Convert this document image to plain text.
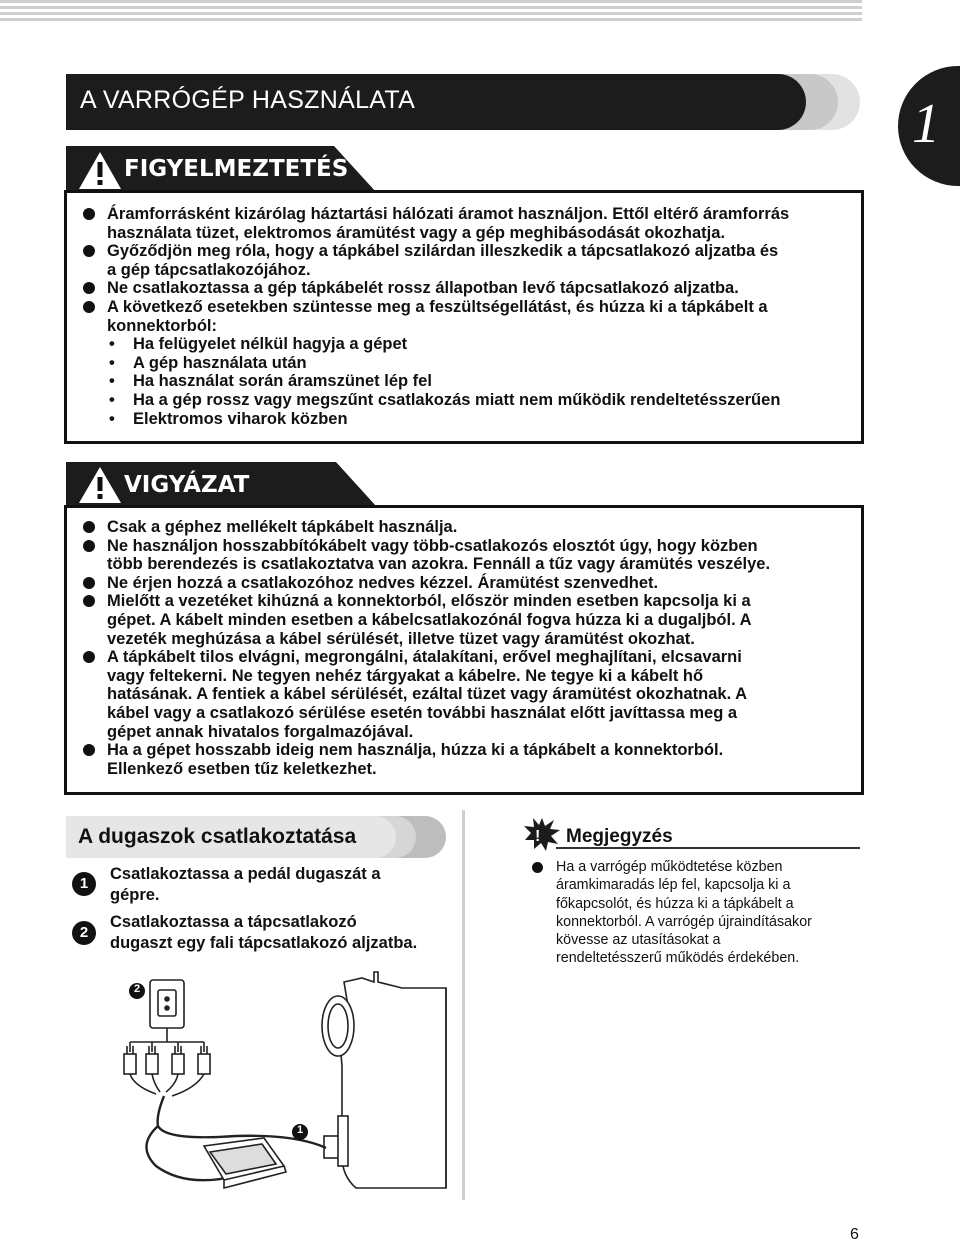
A VARRÓGÉP HASZNÁLATA	1
FIGYELMEZTETÉS
Áramforrásként kizárólag háztartási hálózati áramot használjon. Ettől eltérő áramforrás
használata tüzet, elektromos áramütést vagy a gép meghibásodását okozhatja.
Győződjön meg róla, hogy a tápkábel szilárdan illeszkedik a tápcsatlakozó aljzatba és
a gép tápcsatlakozójához.
Ne csatlakoztassa a gép tápkábelét rossz állapotban levő tápcsatlakozó aljzatba.
A következő esetekben szüntesse meg a feszültségellátást, és húzza ki a tápkábelt a
konnektorból:
• Ha felügyelet nélkül hagyja a gépet
• A gép használata után
• Ha használat során áramszünet lép fel
• Ha a gép rossz vagy megszűnt csatlakozás miatt nem működik rendeltetésszerűen
• Elektromos viharok közben
VIGYÁZAT
Csak a géphez mellékelt tápkábelt használja.
Ne használjon hosszabbítókábelt vagy több-csatlakozós elosztót úgy, hogy közben
több berendezés is csatlakoztatva van azokra. Fennáll a tűz vagy áramütés veszélye.
Ne érjen hozzá a csatlakozóhoz nedves kézzel. Áramütést szenvedhet.
Mielőtt a vezetéket kihúzná a konnektorból, először minden esetben kapcsolja ki a
gépet. A kábelt minden esetben a kábelcsatlakozónál fogva húzza ki a dugaljból. A
vezeték meghúzása a kábel sérülését, illetve tüzet vagy áramütést okozhat.
A tápkábelt tilos elvágni, megrongálni, átalakítani, erővel meghajlítani, elcsavarni
vagy feltekerni. Ne tegyen nehéz tárgyakat a kábelre. Ne tegye ki a kábelt hő
hatásának. A fentiek a kábel sérülését, ezáltal tüzet vagy áramütést okozhatnak. A
kábel vagy a csatlakozó sérülése esetén további használat előtt javíttassa meg a
gépet annak hivatalos forgalmazójával.
Ha a gépet hosszabb ideig nem használja, húzza ki a tápkábelt a konnektorból.
Ellenkező esetben tűz keletkezhet.
A dugaszok csatlakoztatása
1
Csatlakoztassa a pedál dugaszát a
gépre.
2
Csatlakoztassa a tápcsatlakozó
dugaszt egy fali tápcsatlakozó aljzatba.
2
1
! Megjegyzés
Ha a varrógép működtetése közben
áramkimaradás lép fel, kapcsolja ki a
főkapcsolót, és húzza ki a tápkábelt a
konnektorból. A varrógép újraindításakor
kövesse az utasításokat a
rendeltetésszerű működés érdekében.
6
